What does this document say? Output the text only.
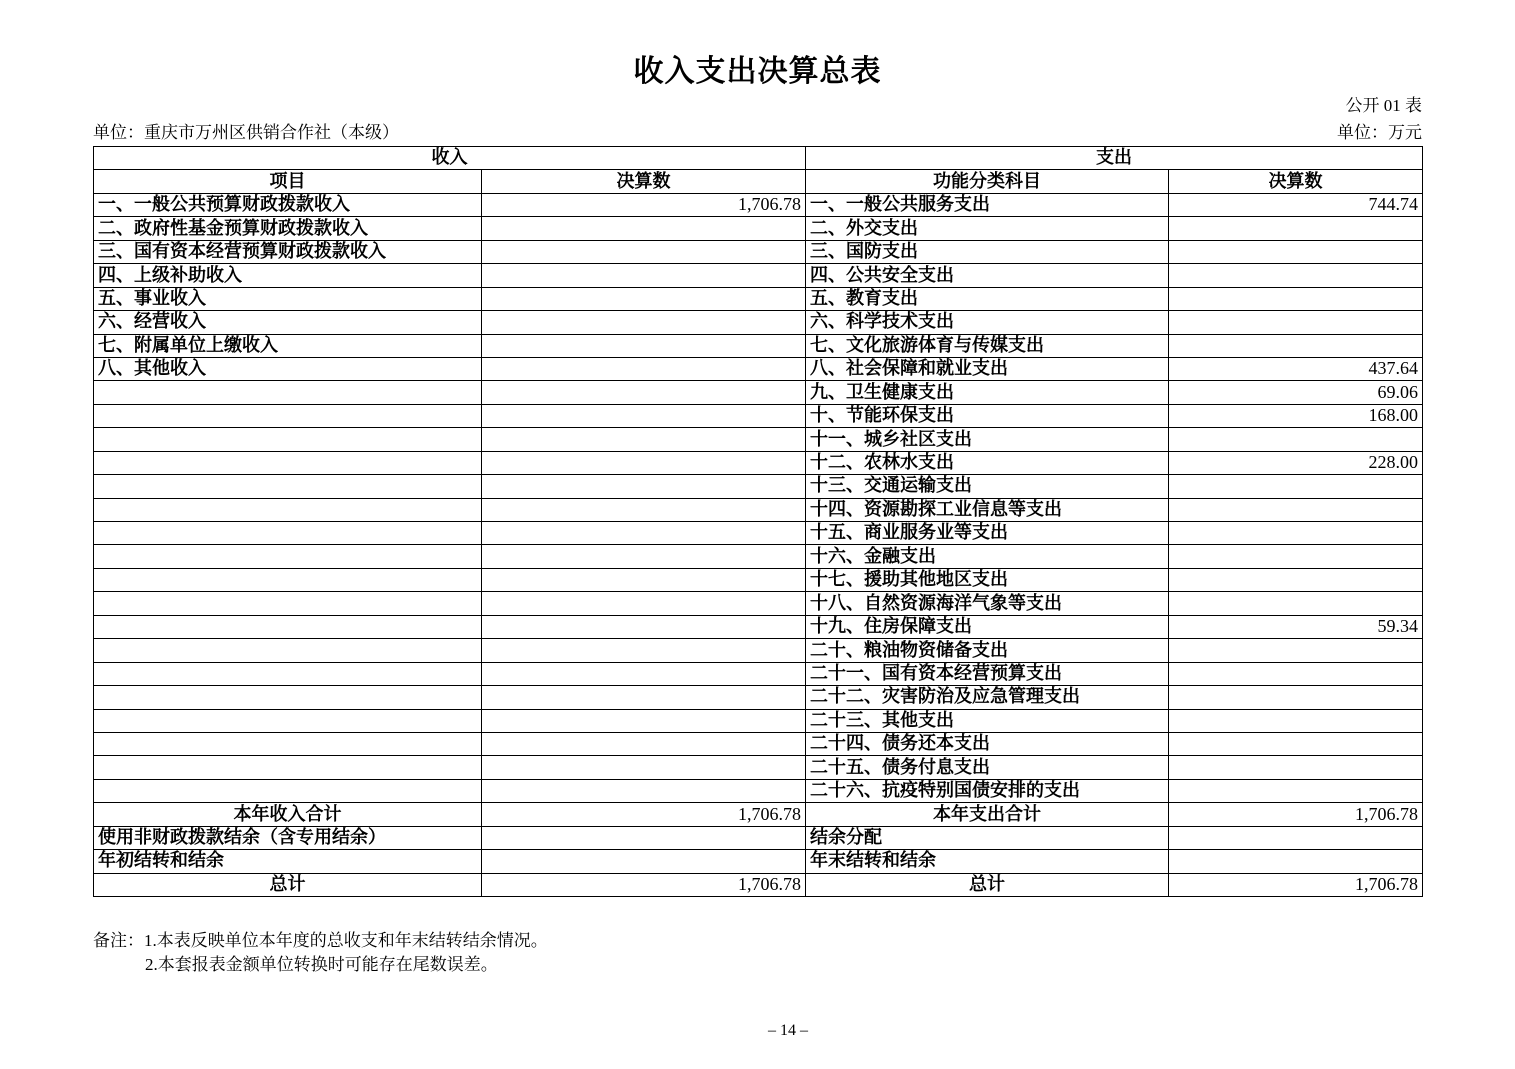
收入支出决算总表
公开 01 表
单位：重庆市万州区供销合作社（本级）	单位：万元
收入		支出	
项目	决算数	功能分类科目	决算数
一、一般公共预算财政拨款收入	1,706.78	一、一般公共服务支出	744.74
二、政府性基金预算财政拨款收入		二、外交支出	
三、国有资本经营预算财政拨款收入		三、国防支出	
四、上级补助收入		四、公共安全支出	
五、事业收入		五、教育支出	
六、经营收入		六、科学技术支出	
七、附属单位上缴收入		七、文化旅游体育与传媒支出	
八、其他收入		八、社会保障和就业支出	437.64
		九、卫生健康支出	69.06
		十、节能环保支出	168.00
		十一、城乡社区支出	
		十二、农林水支出	228.00
		十三、交通运输支出	
		十四、资源勘探工业信息等支出	
		十五、商业服务业等支出	
		十六、金融支出	
		十七、援助其他地区支出	
		十八、自然资源海洋气象等支出	
		十九、住房保障支出	59.34
		二十、粮油物资储备支出	
		二十一、国有资本经营预算支出	
		二十二、灾害防治及应急管理支出	
		二十三、其他支出	
		二十四、债务还本支出	
		二十五、债务付息支出	
		二十六、抗疫特别国债安排的支出	
本年收入合计	1,706.78	本年支出合计	1,706.78
使用非财政拨款结余（含专用结余）		结余分配	
年初结转和结余		年末结转和结余	
总计	1,706.78	总计	1,706.78
备注：1.本表反映单位本年度的总收支和年末结转结余情况。
2.本套报表金额单位转换时可能存在尾数误差。
– 14 –
